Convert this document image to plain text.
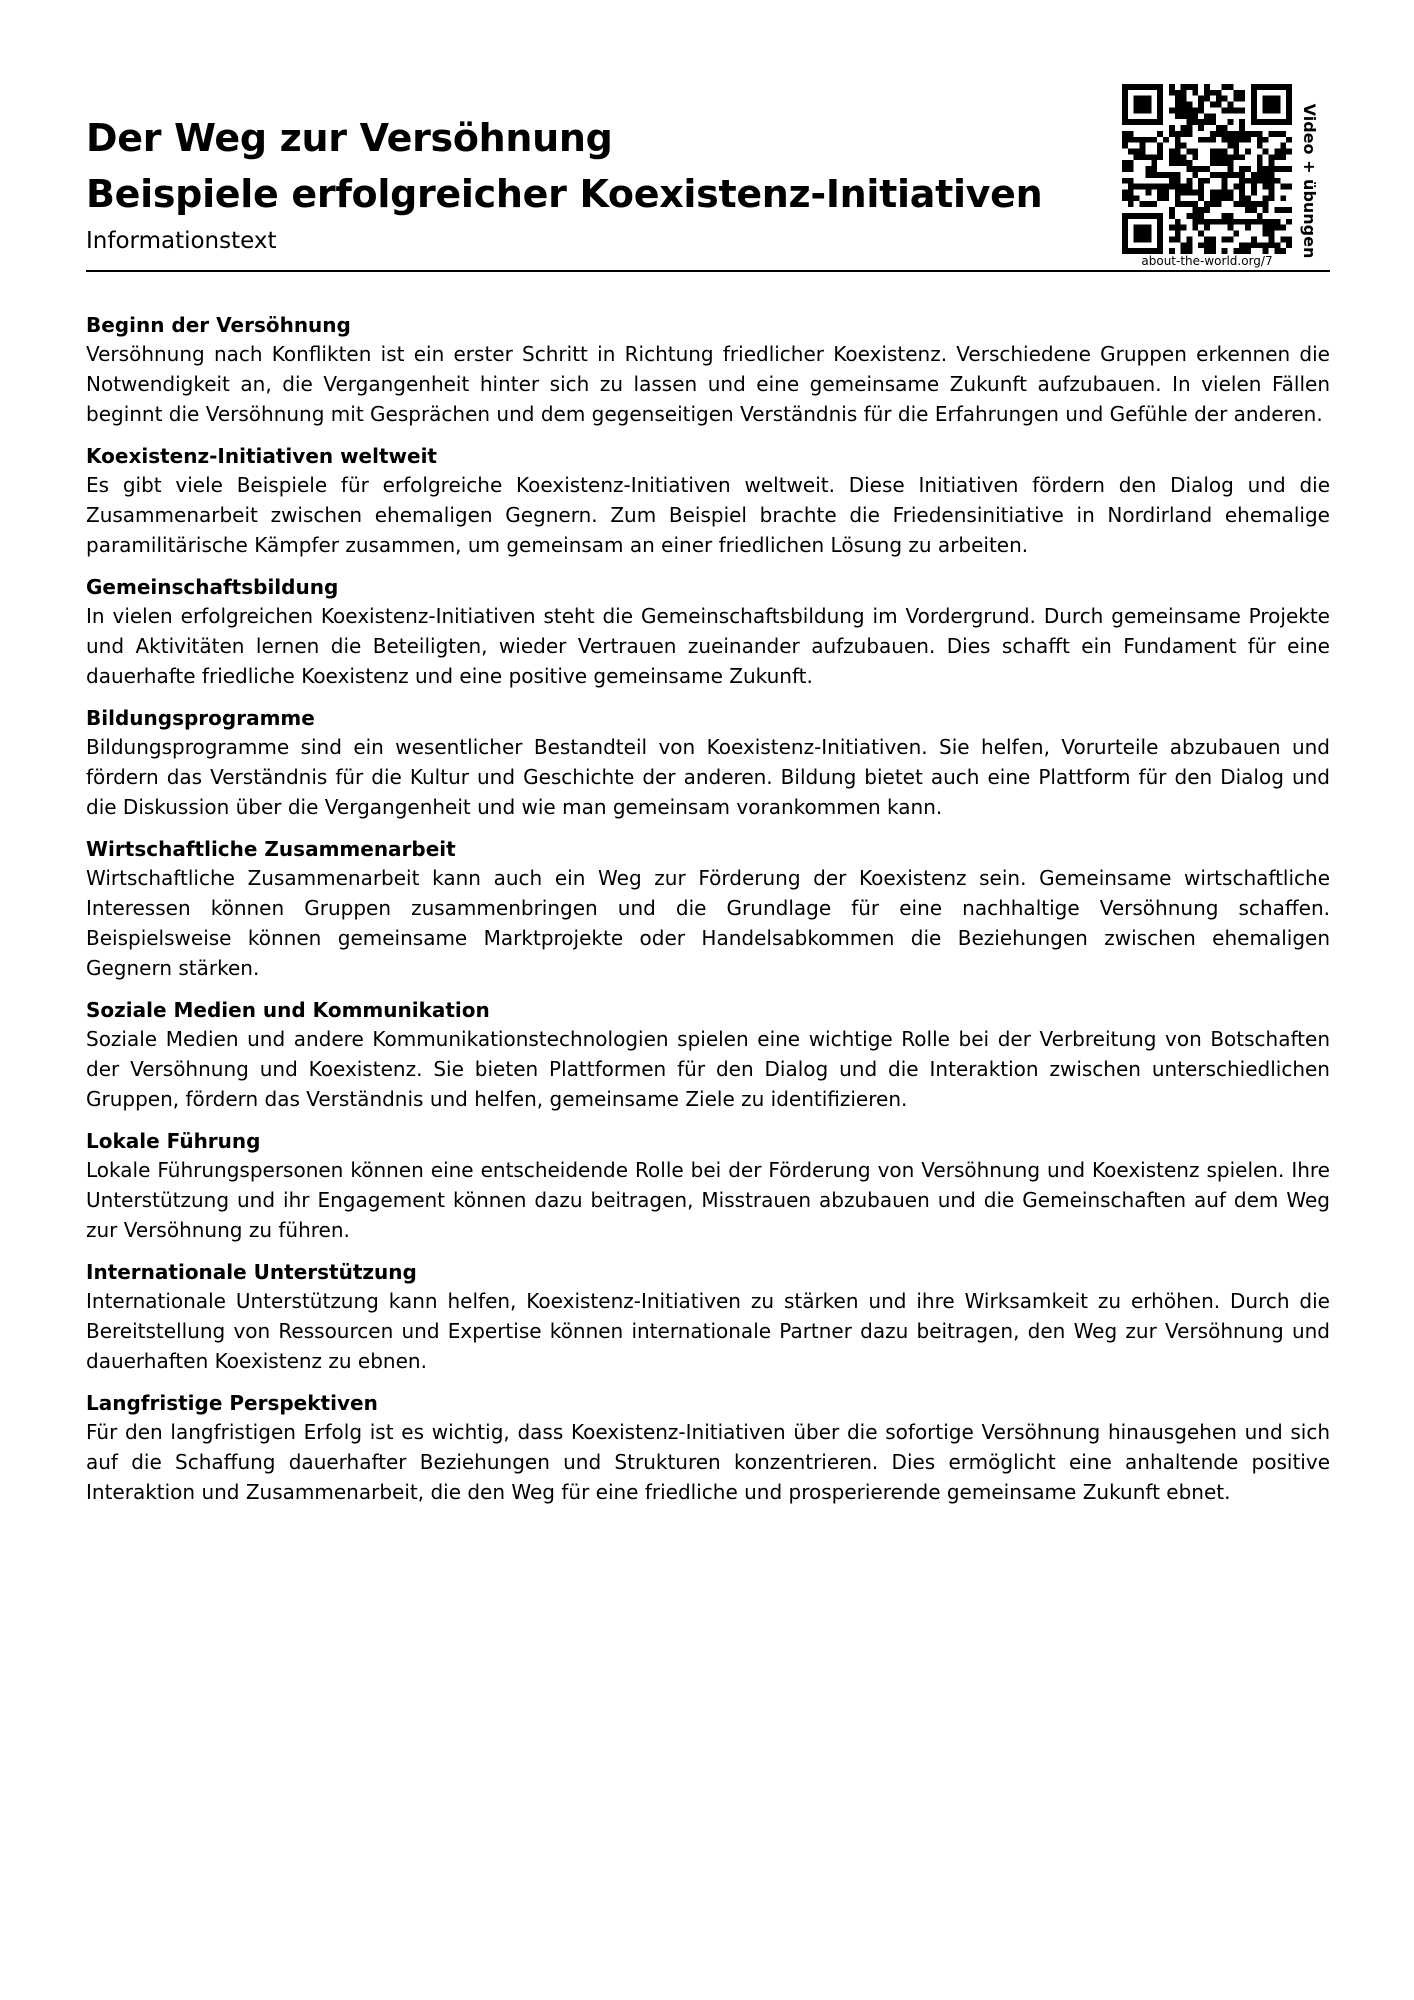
Der Weg zur Versöhnung
Beispiele erfolgreicher Koexistenz-Initiativen
Informationstext	Video + übungen
about-the-world.org/7
Beginn der Versöhnung

Versöhnung nach Konflikten ist ein erster Schritt in Richtung friedlicher Koexistenz. Verschiedene Gruppen erkennen die Notwendigkeit an, die Vergangenheit hinter sich zu lassen und eine gemeinsame Zukunft aufzubauen. In vielen Fällen beginnt die Versöhnung mit Gesprächen und dem gegenseitigen Verständnis für die Erfahrungen und Gefühle der anderen.

Koexistenz-Initiativen weltweit

Es gibt viele Beispiele für erfolgreiche Koexistenz-Initiativen weltweit. Diese Initiativen fördern den Dialog und die Zusammenarbeit zwischen ehemaligen Gegnern. Zum Beispiel brachte die Friedensinitiative in Nordirland ehemalige paramilitärische Kämpfer zusammen, um gemeinsam an einer friedlichen Lösung zu arbeiten.

Gemeinschaftsbildung

In vielen erfolgreichen Koexistenz-Initiativen steht die Gemeinschaftsbildung im Vordergrund. Durch gemeinsame Projekte und Aktivitäten lernen die Beteiligten, wieder Vertrauen zueinander aufzubauen. Dies schafft ein Fundament für eine dauerhafte friedliche Koexistenz und eine positive gemeinsame Zukunft.

Bildungsprogramme

Bildungsprogramme sind ein wesentlicher Bestandteil von Koexistenz-Initiativen. Sie helfen, Vorurteile abzubauen und fördern das Verständnis für die Kultur und Geschichte der anderen. Bildung bietet auch eine Plattform für den Dialog und die Diskussion über die Vergangenheit und wie man gemeinsam vorankommen kann.

Wirtschaftliche Zusammenarbeit

Wirtschaftliche Zusammenarbeit kann auch ein Weg zur Förderung der Koexistenz sein. Gemeinsame wirtschaftliche Interessen können Gruppen zusammenbringen und die Grundlage für eine nachhaltige Versöhnung schaffen. Beispielsweise können gemeinsame Marktprojekte oder Handelsabkommen die Beziehungen zwischen ehemaligen Gegnern stärken.

Soziale Medien und Kommunikation

Soziale Medien und andere Kommunikationstechnologien spielen eine wichtige Rolle bei der Verbreitung von Botschaften der Versöhnung und Koexistenz. Sie bieten Plattformen für den Dialog und die Interaktion zwischen unterschiedlichen Gruppen, fördern das Verständnis und helfen, gemeinsame Ziele zu identifizieren.

Lokale Führung

Lokale Führungspersonen können eine entscheidende Rolle bei der Förderung von Versöhnung und Koexistenz spielen. Ihre Unterstützung und ihr Engagement können dazu beitragen, Misstrauen abzubauen und die Gemeinschaften auf dem Weg zur Versöhnung zu führen.

Internationale Unterstützung

Internationale Unterstützung kann helfen, Koexistenz-Initiativen zu stärken und ihre Wirksamkeit zu erhöhen. Durch die Bereitstellung von Ressourcen und Expertise können internationale Partner dazu beitragen, den Weg zur Versöhnung und dauerhaften Koexistenz zu ebnen.

Langfristige Perspektiven

Für den langfristigen Erfolg ist es wichtig, dass Koexistenz-Initiativen über die sofortige Versöhnung hinausgehen und sich auf die Schaffung dauerhafter Beziehungen und Strukturen konzentrieren. Dies ermöglicht eine anhaltende positive Interaktion und Zusammenarbeit, die den Weg für eine friedliche und prosperierende gemeinsame Zukunft ebnet.
